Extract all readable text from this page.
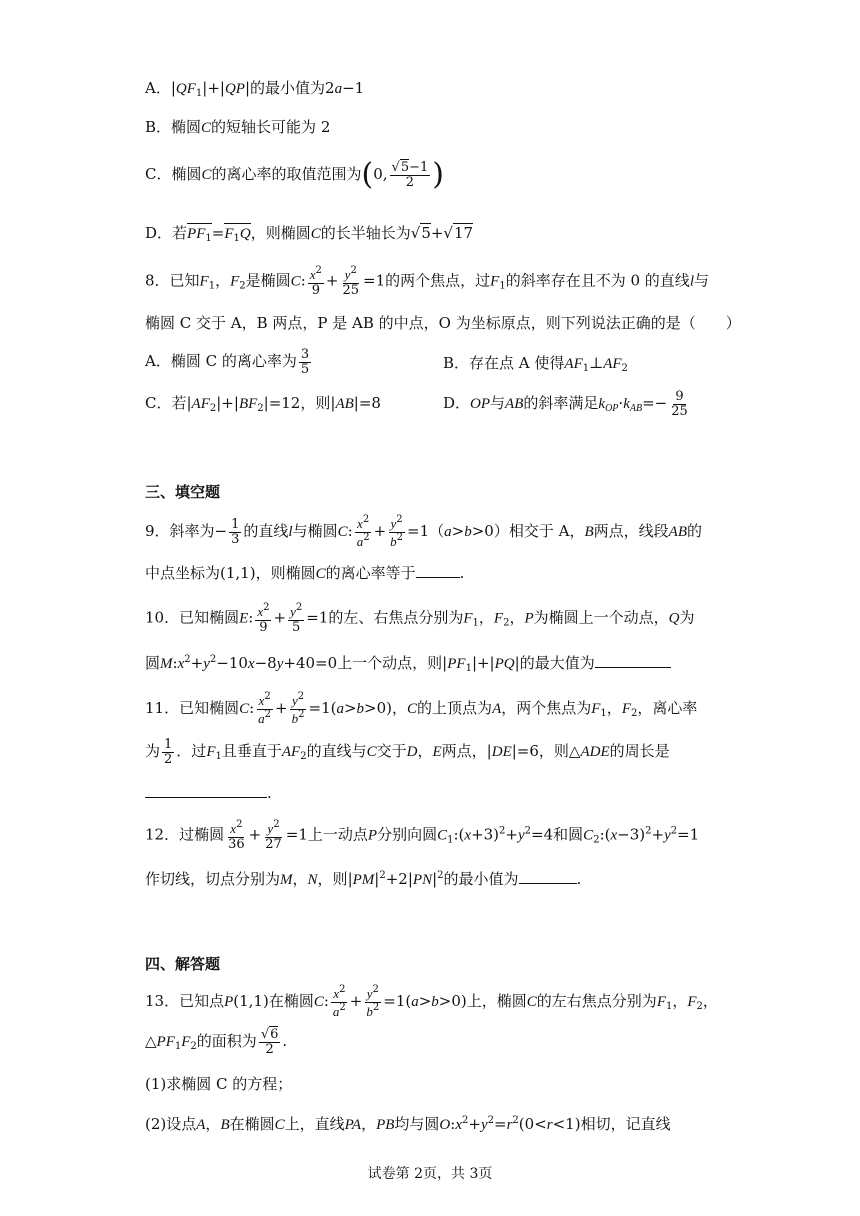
A．$|QF_1|+|QP|$的最小值为2a−1
B．椭圆C的短轴长可能为 2
C．椭圆C的离心率的取值范围为(0, $\frac{√5-1}{2}$ )
D．若$PF_1=F_1Q$，则椭圆C的长半轴长为√5+√17
8．已知$F_1$，$F_2$是椭圆C: $\frac{x^2}{9} + \frac{y^2}{25} =1$的两个焦点，过$F_1$的斜率存在且不为 0 的直线l与
椭圆 C 交于 A，B 两点，P 是 AB 的中点，O 为坐标原点，则下列说法正确的是（　　）
A．椭圆 C 的离心率为 $\frac{3}{5}$	B．存在点 A 使得$AF_1\perp AF_2$
C．若$|AF_2|+|BF_2|=12$，则|AB|=8	D．OP与AB的斜率满足$k_{OP}\cdot k_{AB}=- \frac{9}{25}$
三、填空题
9．斜率为− $\frac{1}{3}$ 的直线l与椭圆C: $\frac{x^2}{a^2} + \frac{y^2}{b^2} =1(a>b>0)$相交于 A，B两点，线段AB的
中点坐标为(1,1)，则椭圆C的离心率等于	.
10．已知椭圆E: $\frac{x^2}{9} + \frac{y^2}{5} =1$的左、右焦点分别为$F_1$，$F_2$，P为椭圆上一个动点，Q为
圆$M:x^2+y^2-10x-8y+40=0$上一个动点，则$|PF_1|+|PQ|$的最大值为
11．已知椭圆C: $\frac{x^2}{a^2} + \frac{y^2}{b^2} =1(a>b>0)$，C的上顶点为A，两个焦点为$F_1$，$F_2$，离心率
为 $\frac{1}{2}$ ．过$F_1$且垂直于$AF_2$的直线与C交于D，E两点，|DE|=6，则△ADE的周长是
.
12．过椭圆 $\frac{x^2}{36} + \frac{y^2}{27} =1$上一动点P分别向圆$C_1:(x+3)^2+y^2=4$和圆$C_2:(x-3)^2+y^2=1$
作切线，切点分别为M，N，则$|PM|^2+2|PN|^2$的最小值为	.
四、解答题
13．已知点P(1,1)在椭圆C: $\frac{x^2}{a^2} + \frac{y^2}{b^2} =1(a>b>0)$上，椭圆C的左右焦点分别为$F_1$，$F_2$，
$\triangle PF_1F_2$的面积为 $\frac{√6}{2}$ .
(1)求椭圆 C 的方程；
(2)设点A，B在椭圆C上，直线PA，PB均与圆$O:x^2+y^2=r^2(0<r<1)$相切，记直线
试卷第 2页，共 3页
